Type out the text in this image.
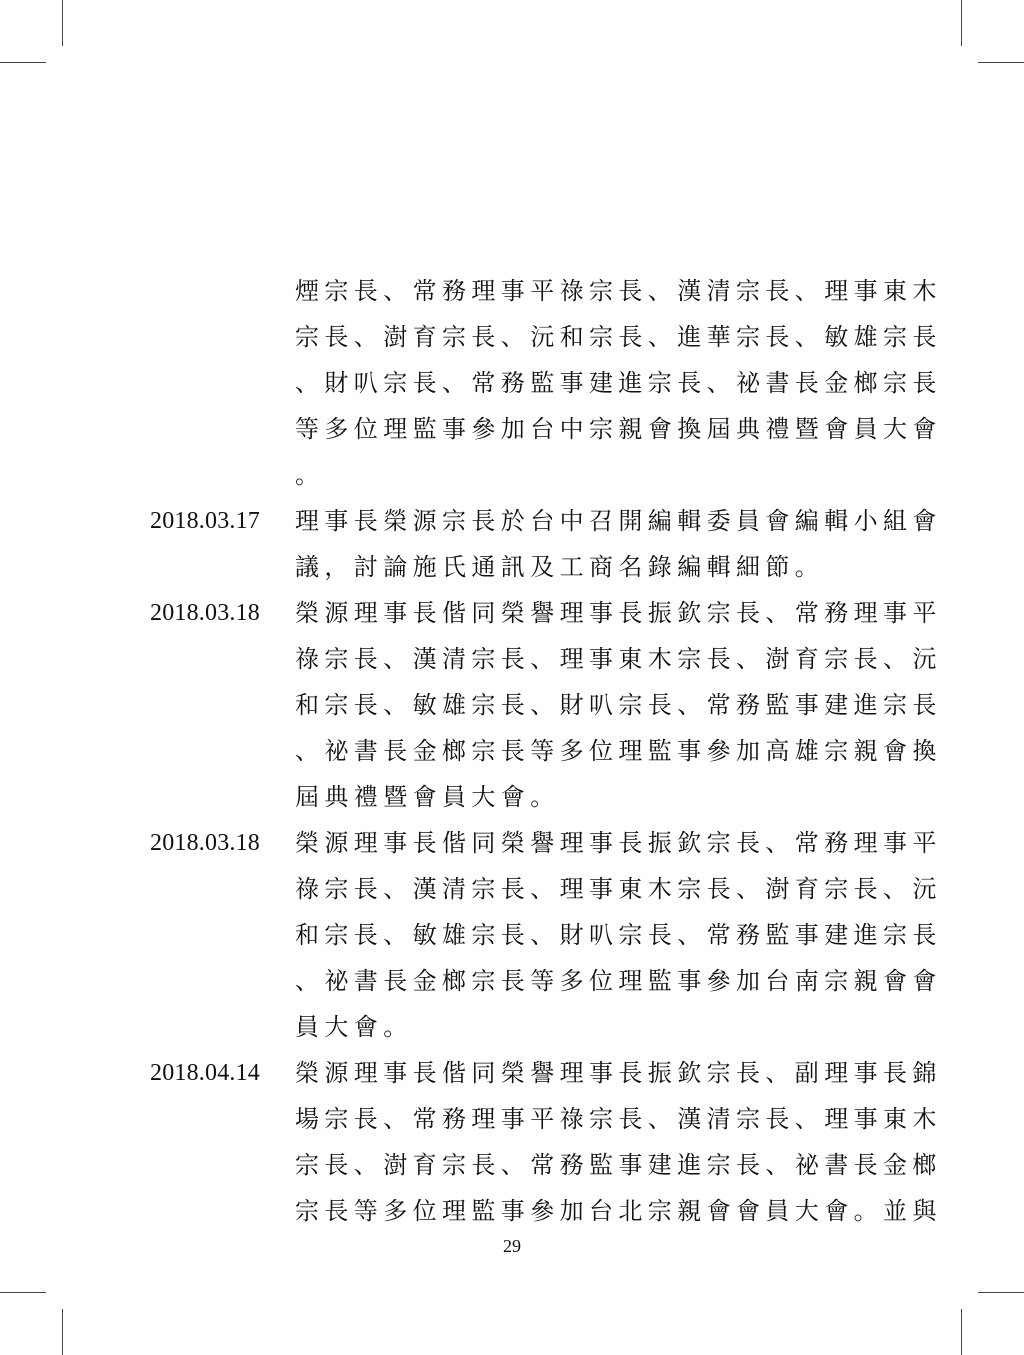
煙宗長、常務理事平祿宗長、漢清宗長、理事東木
宗長、澍育宗長、沅和宗長、進華宗長、敏雄宗長
、財叭宗長、常務監事建進宗長、祕書長金榔宗長
等多位理監事參加台中宗親會換屆典禮暨會員大會
。
2018.03.17	理事長榮源宗長於台中召開編輯委員會編輯小組會
議，討論施氏通訊及工商名錄編輯細節。
2018.03.18	榮源理事長偕同榮譽理事長振欽宗長、常務理事平
祿宗長、漢清宗長、理事東木宗長、澍育宗長、沅
和宗長、敏雄宗長、財叭宗長、常務監事建進宗長
、祕書長金榔宗長等多位理監事參加高雄宗親會換
屆典禮暨會員大會。
2018.03.18	榮源理事長偕同榮譽理事長振欽宗長、常務理事平
祿宗長、漢清宗長、理事東木宗長、澍育宗長、沅
和宗長、敏雄宗長、財叭宗長、常務監事建進宗長
、祕書長金榔宗長等多位理監事參加台南宗親會會
員大會。
2018.04.14	榮源理事長偕同榮譽理事長振欽宗長、副理事長錦
場宗長、常務理事平祿宗長、漢清宗長、理事東木
宗長、澍育宗長、常務監事建進宗長、祕書長金榔
宗長等多位理監事參加台北宗親會會員大會。並與
29
